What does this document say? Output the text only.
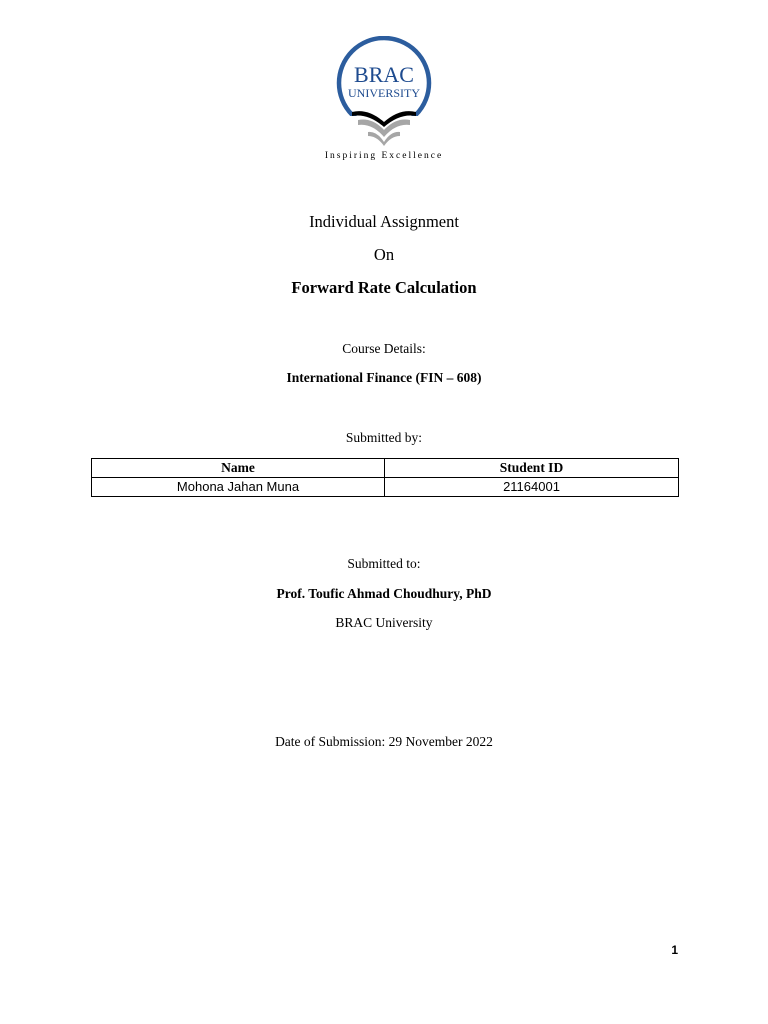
BRAC
UNIVERSITY
Inspiring Excellence
Individual Assignment
On
Forward Rate Calculation
Course Details:
International Finance (FIN – 608)
Submitted by:
Name	Student ID
Mohona Jahan Muna	21164001
Submitted to:
Prof. Toufic Ahmad Choudhury, PhD
BRAC University
Date of Submission: 29 November 2022
1
